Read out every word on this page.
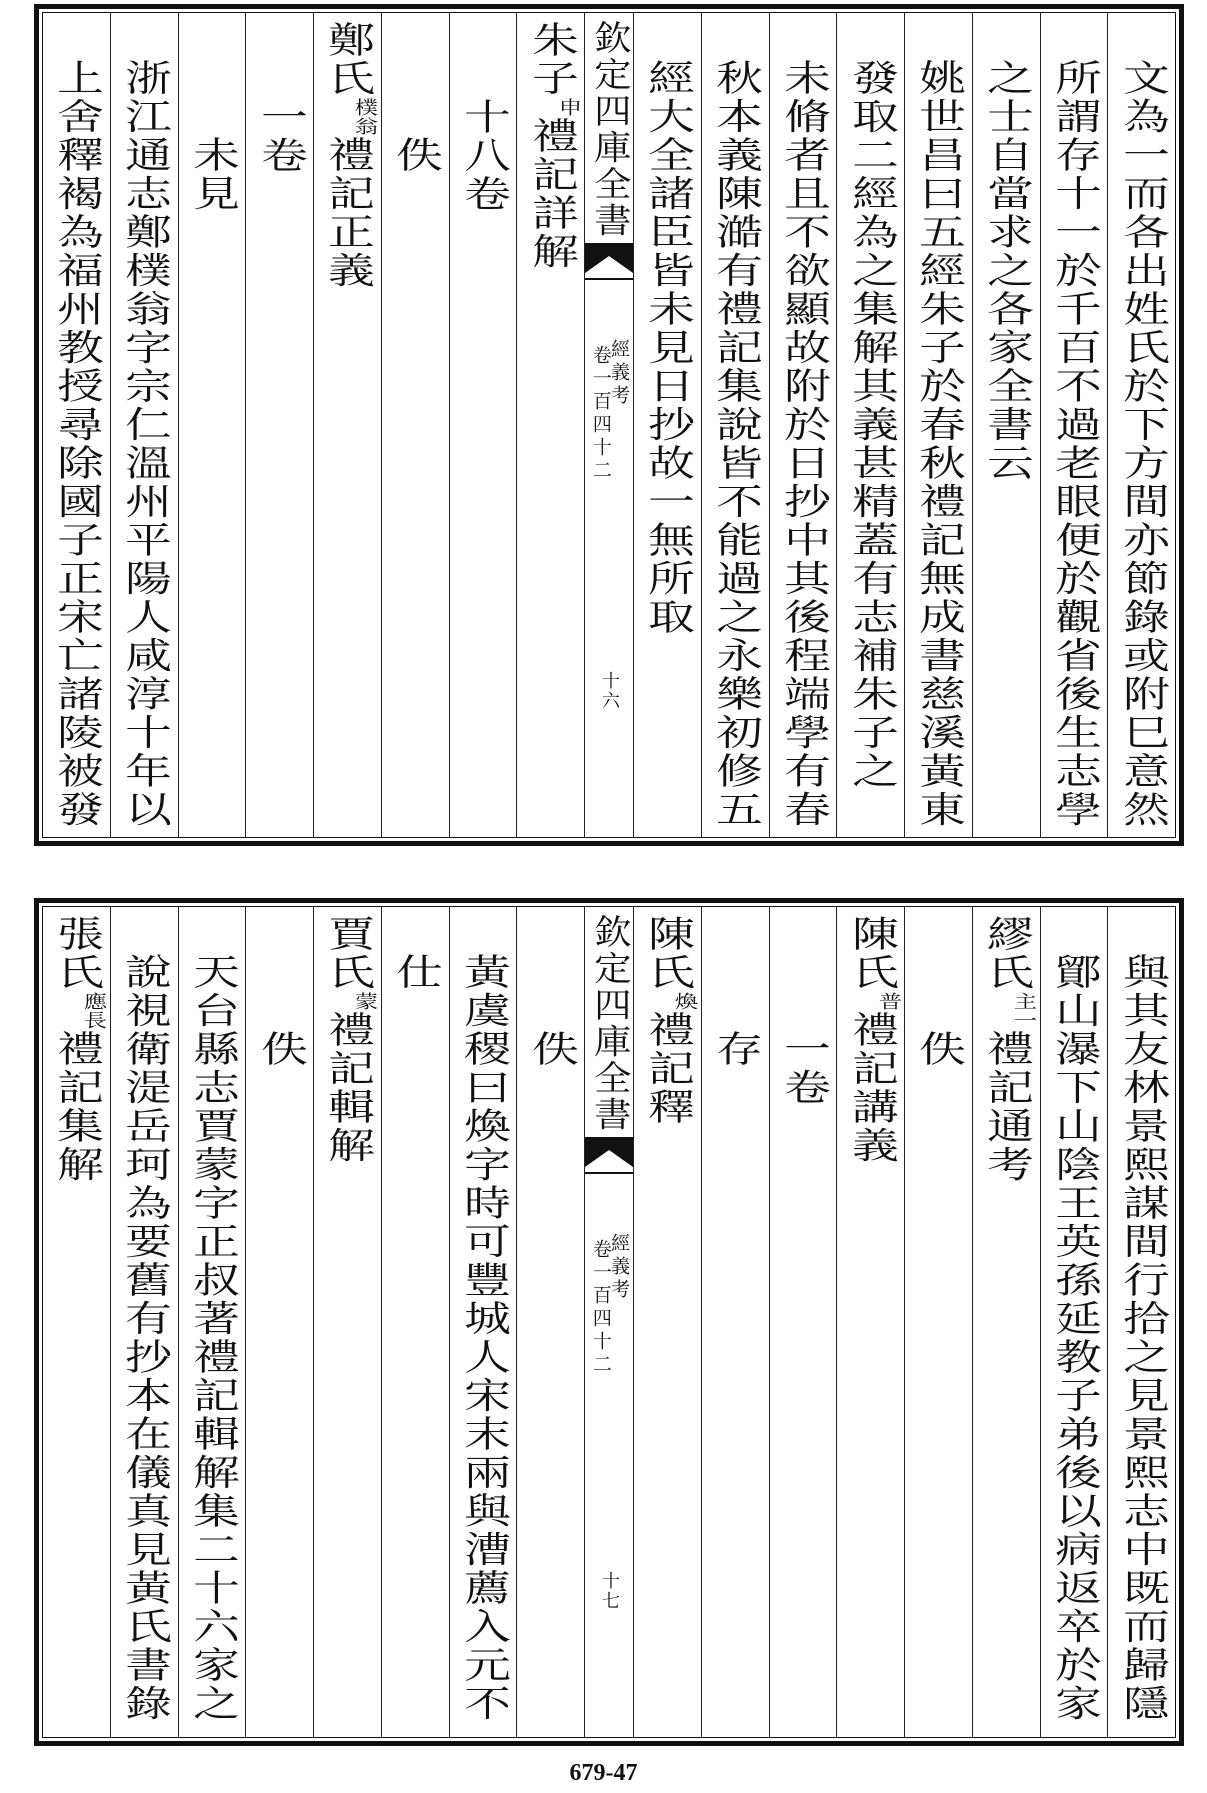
文為一而各出姓氏於下方間亦節錄或附巳意然
所謂存十一於千百不過老眼便於觀省後生志學
之士自當求之各家全書云
姚世昌曰五經朱子於春秋禮記無成書慈溪黃東
發取二經為之集解其義甚精蓋有志補朱子之
未脩者且不欲顯故附於日抄中其後程端學有春
秋本義陳澔有禮記集說皆不能過之永樂初修五
經大全諸臣皆未見日抄故一無所取
欽定四庫全書
經義考
卷一百四十二
十六
朱子申禮記詳解
十八卷
佚
鄭氏樸翁禮記正義
一卷
未見
浙江通志鄭樸翁字宗仁溫州平陽人咸淳十年以
上舍釋褐為福州教授尋除國子正宋亡諸陵被發
與其友林景熙謀間行拾之見景熙志中既而歸隱
鄮山瀑下山陰王英孫延教子弟後以病返卒於家
繆氏主一禮記通考
佚
陳氏普禮記講義
一卷
存
陳氏煥禮記釋
欽定四庫全書
經義考
卷一百四十二
十七
佚
黃虞稷曰煥字時可豐城人宋末兩與漕薦入元不
仕
賈氏蒙禮記輯解
佚
天台縣志賈蒙字正叔著禮記輯解集二十六家之
說視衛湜岳珂為要舊有抄本在儀真見黃氏書錄
張氏應長禮記集解
679-47
